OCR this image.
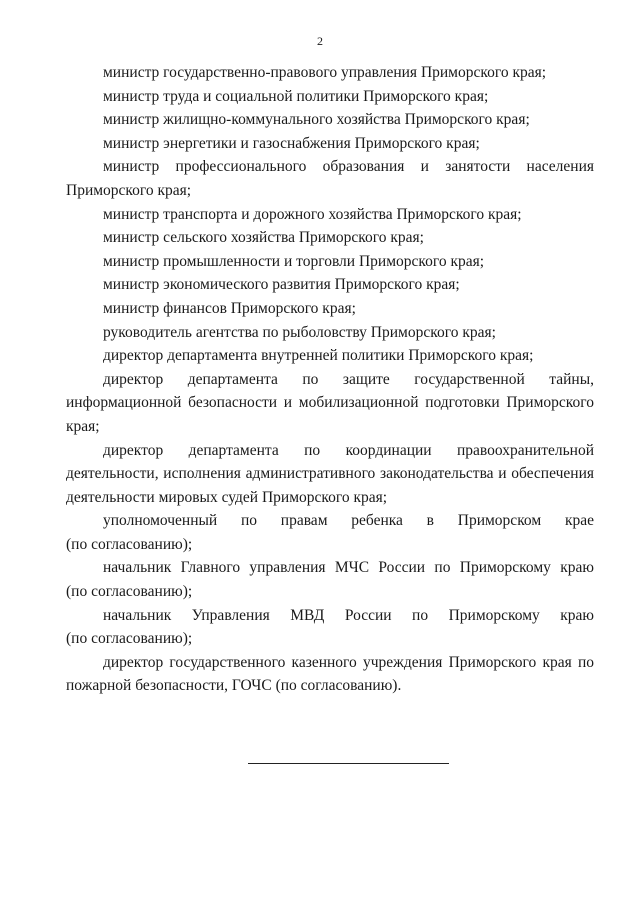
2

министр государственно-правового управления Приморского края;

министр труда и социальной политики Приморского края;

министр жилищно-коммунального хозяйства Приморского края;

министр энергетики и газоснабжения Приморского края;

министр профессионального образования и занятости населения

Приморского края;

министр транспорта и дорожного хозяйства Приморского края;

министр сельского хозяйства Приморского края;

министр промышленности и торговли Приморского края;

министр экономического развития Приморского края;

министр финансов Приморского края;

руководитель агентства по рыболовству Приморского края;

директор департамента внутренней политики Приморского края;

директор департамента по защите государственной тайны, информационной безопасности и мобилизационной подготовки Приморского края;

директор департамента по координации правоохранительной деятельности, исполнения административного законодательства и обеспечения деятельности мировых судей Приморского края;

уполномоченный по правам ребенка в Приморском крае

(по согласованию);

начальник Главного управления МЧС России по Приморскому краю

(по согласованию);

начальник Управления МВД России по Приморскому краю

(по согласованию);

директор государственного казенного учреждения Приморского края по пожарной безопасности, ГОЧС (по согласованию).
